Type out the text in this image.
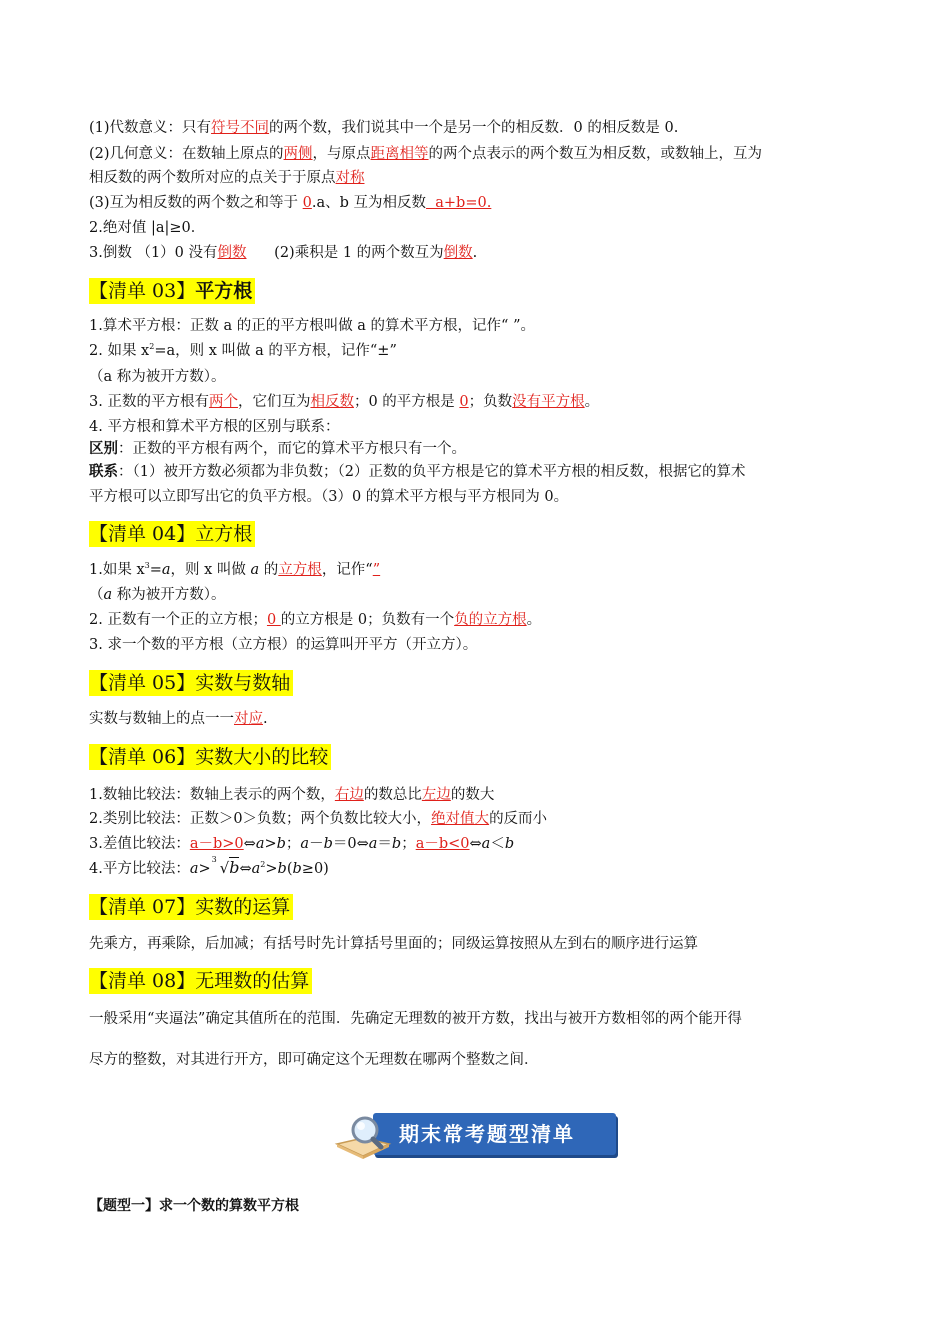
(1)代数意义：只有符号不同的两个数，我们说其中一个是另一个的相反数．0 的相反数是 0.
(2)几何意义：在数轴上原点的两侧，与原点距离相等的两个点表示的两个数互为相反数，或数轴上，互为
相反数的两个数所对应的点关于于原点对称
(3)互为相反数的两个数之和等于 0.a、b 互为相反数  a+b=0.
2.绝对值 |a|≥0．
3.倒数 （1）0 没有倒数      (2)乘积是 1 的两个数互为倒数.
【清单 03】平方根
1.算术平方根：正数 a 的正的平方根叫做 a 的算术平方根，记作“ ”。
2. 如果 $x^2=a$，则 x 叫做 a 的平方根，记作“±”
（a 称为被开方数）。
3. 正数的平方根有两个，它们互为相反数；0 的平方根是 0；负数没有平方根。
4. 平方根和算术平方根的区别与联系：
区别：正数的平方根有两个，而它的算术平方根只有一个。
联系：（1）被开方数必须都为非负数；（2）正数的负平方根是它的算术平方根的相反数，根据它的算术
平方根可以立即写出它的负平方根。（3）0 的算术平方根与平方根同为 0。
【清单 04】立方根
1.如果 $x^3=a$，则 x 叫做 a 的立方根，记作“”
（a 称为被开方数）。
2. 正数有一个正的立方根；0 的立方根是 0；负数有一个负的立方根。
3. 求一个数的平方根（立方根）的运算叫开平方（开立方）。
【清单 05】实数与数轴
实数与数轴上的点一一对应.
【清单 06】实数大小的比较
1.数轴比较法：数轴上表示的两个数，右边的数总比左边的数大
2.类别比较法：正数＞0＞负数；两个负数比较大小，绝对值大的反而小
3.差值比较法：a－b>0⇔a>b；a－b＝0⇔a＝b；a－b<0⇔a＜b
4.平方比较法：a>
3 $√b\Leftrightarrow a^2>b(b\ge 0)$
【清单 07】实数的运算
先乘方，再乘除，后加减；有括号时先计算括号里面的；同级运算按照从左到右的顺序进行运算
【清单 08】无理数的估算
一般采用“夹逼法”确定其值所在的范围．先确定无理数的被开方数，找出与被开方数相邻的两个能开得
尽方的整数，对其进行开方，即可确定这个无理数在哪两个整数之间．
期末常考题型清单
【题型一】求一个数的算数平方根
